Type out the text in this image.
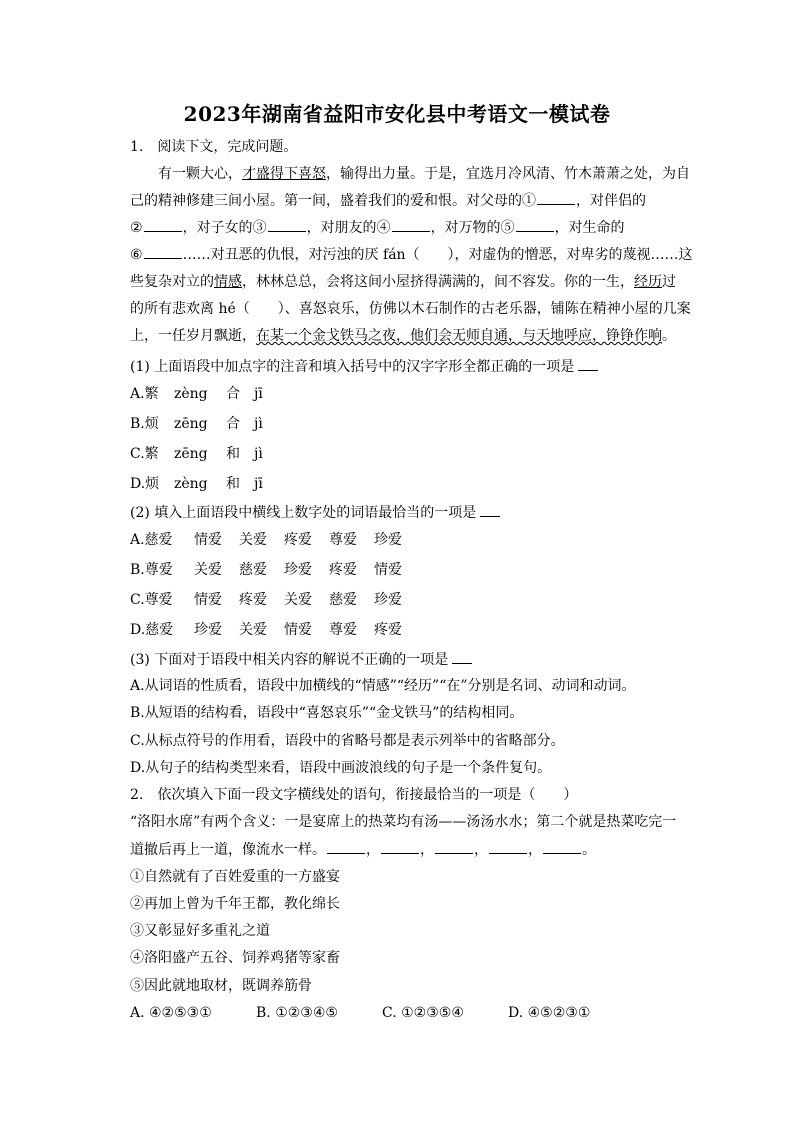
2023年湖南省益阳市安化县中考语文一模试卷
1.　阅读下文，完成问题。

　　有一颗大心，才盛得下喜怒，输得出力量。于是，宜选月冷风清、竹木萧萧之处，为自

己的精神修建三间小屋。第一间，盛着我们的爱和恨。对父母的①	，对伴侣的

②	，对子女的③	，对朋友的④	，对万物的⑤	，对生命的

⑥	……对丑恶的仇恨，对污浊的厌 fán（　　），对虚伪的憎恶，对卑劣的蔑视……这

些复杂对立的情感，林林总总，会将这间小屋挤得满满的，间不容发。你的一生，经历过

的所有悲欢离 hé（　　）、喜怒哀乐，仿佛以木石制作的古老乐器，铺陈在精神小屋的几案

上，一任岁月飘逝，在某一个金戈铁马之夜，他们会无师自通，与天地呼应，铮铮作响。

(1) 上面语段中加点字的注音和填入括号中的汉字字形全都正确的一项是
A.繁 zèng 合 jī
B.烦 zēng 合 jì
C.繁 zēng 和 jì
D.烦 zèng 和 jī
(2) 填入上面语段中横线上数字处的词语最恰当的一项是
A.慈爱 情爱 关爱 疼爱 尊爱 珍爱
B.尊爱 关爱 慈爱 珍爱 疼爱 情爱
C.尊爱 情爱 疼爱 关爱 慈爱 珍爱
D.慈爱 珍爱 关爱 情爱 尊爱 疼爱
(3) 下面对于语段中相关内容的解说不正确的一项是
A.从词语的性质看，语段中加横线的“情感”“经历”“在”分别是名词、动词和动词。
B.从短语的结构看，语段中“喜怒哀乐”“金戈铁马”的结构相同。
C.从标点符号的作用看，语段中的省略号都是表示列举中的省略部分。
D.从句子的结构类型来看，语段中画波浪线的句子是一个条件复句。
2.　依次填入下面一段文字横线处的语句，衔接最恰当的一项是（　　）
“洛阳水席”有两个含义：一是宴席上的热菜均有汤——汤汤水水；第二个就是热菜吃完一
道撤后再上一道，像流水一样。	，	，	，	，	。
①自然就有了百姓爱重的一方盛宴
②再加上曾为千年王都，教化绵长
③又彰显好多重礼之道
④洛阳盛产五谷、饲养鸡猪等家畜
⑤因此就地取材，既调养筋骨
A. ④②⑤③①	B. ①②③④⑤	C. ①②③⑤④	D. ④⑤②③①
